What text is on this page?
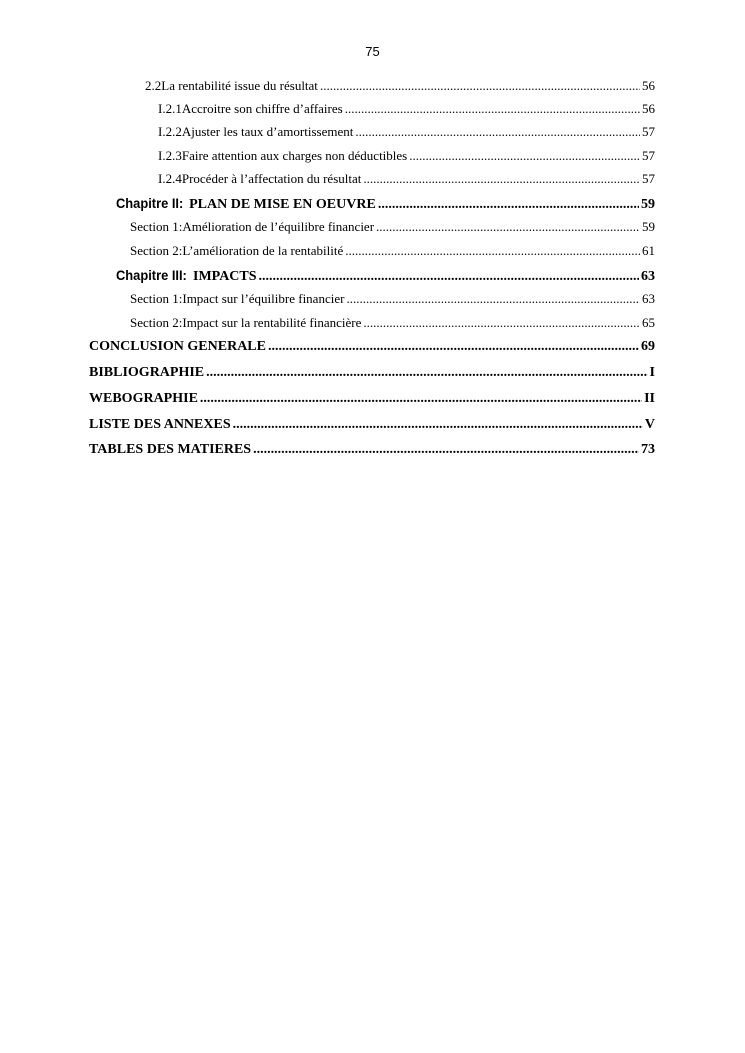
75
2.2 La rentabilité issue du résultat .....	56
I.2.1 Accroitre son chiffre d’affaires .....	56
I.2.2 Ajuster les taux d’amortissement .....	57
I.2.3 Faire attention aux charges non déductibles .....	57
I.2.4 Procéder à l’affectation du résultat .....	57
Chapitre II: PLAN DE MISE EN OEUVRE .....	59
Section 1: Amélioration de l’équilibre financier .....	59
Section 2: L’amélioration de la rentabilité .....	61
Chapitre III: IMPACTS .....	63
Section 1: Impact sur l’équilibre financier .....	63
Section 2: Impact sur la rentabilité financière .....	65
CONCLUSION GENERALE .....	69
BIBLIOGRAPHIE .....	I
WEBOGRAPHIE .....	II
LISTE DES ANNEXES .....	V
TABLES DES MATIERES .....	73
